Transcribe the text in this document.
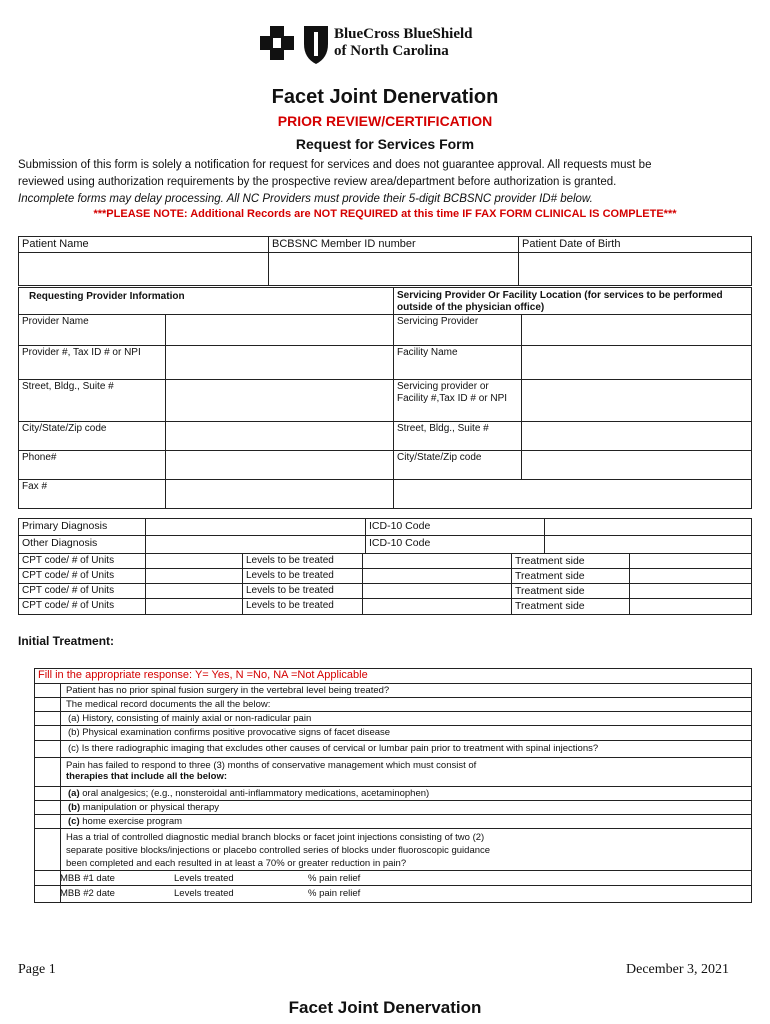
BlueCross BlueShield
of North Carolina
Facet Joint Denervation
PRIOR REVIEW/CERTIFICATION
Request for Services Form
Submission of this form is solely a notification for request for services and does not guarantee approval. All requests must be
reviewed using authorization requirements by the prospective review area/department before authorization is granted.
Incomplete forms may delay processing. All NC Providers must provide their 5-digit BCBSNC provider ID# below.
***PLEASE NOTE: Additional Records are NOT REQUIRED at this time IF FAX FORM CLINICAL IS COMPLETE***
Patient Name	BCBSNC Member ID number	Patient Date of Birth
Requesting Provider Information	Servicing Provider Or Facility Location (for services to be performed outside of the physician office)
Provider Name	Servicing Provider
Provider #, Tax ID # or NPI	Facility Name
Street, Bldg., Suite #	Servicing provider or Facility #,Tax ID # or NPI
City/State/Zip code	Street, Bldg., Suite #
Phone#	City/State/Zip code
Fax #
Primary Diagnosis	ICD-10 Code
Other Diagnosis	ICD-10 Code
CPT code/ # of Units	Levels to be treated	Treatment side
CPT code/ # of Units	Levels to be treated	Treatment side
CPT code/ # of Units	Levels to be treated	Treatment side
CPT code/ # of Units	Levels to be treated	Treatment side
Initial Treatment:
Fill in the appropriate response: Y= Yes, N =No, NA =Not Applicable
Patient has no prior spinal fusion surgery in the vertebral level being treated?
The medical record documents the all the below:
(a) History, consisting of mainly axial or non-radicular pain
(b) Physical examination confirms positive provocative signs of facet disease
(c) Is there radiographic imaging that excludes other causes of cervical or lumbar pain prior to treatment with spinal injections?
Pain has failed to respond to three (3) months of conservative management which must consist of
therapies that include all the below:
(a) oral analgesics; (e.g., nonsteroidal anti-inflammatory medications, acetaminophen)
(b) manipulation or physical therapy
(c) home exercise program
Has a trial of controlled diagnostic medial branch blocks or facet joint injections consisting of two (2)
separate positive blocks/injections or placebo controlled series of blocks under fluoroscopic guidance
been completed and each resulted in at least a 70% or greater reduction in pain?
MBB #1 date	Levels treated	% pain relief
MBB #2 date	Levels treated	% pain relief
Page 1	December 3, 2021
Facet Joint Denervation
